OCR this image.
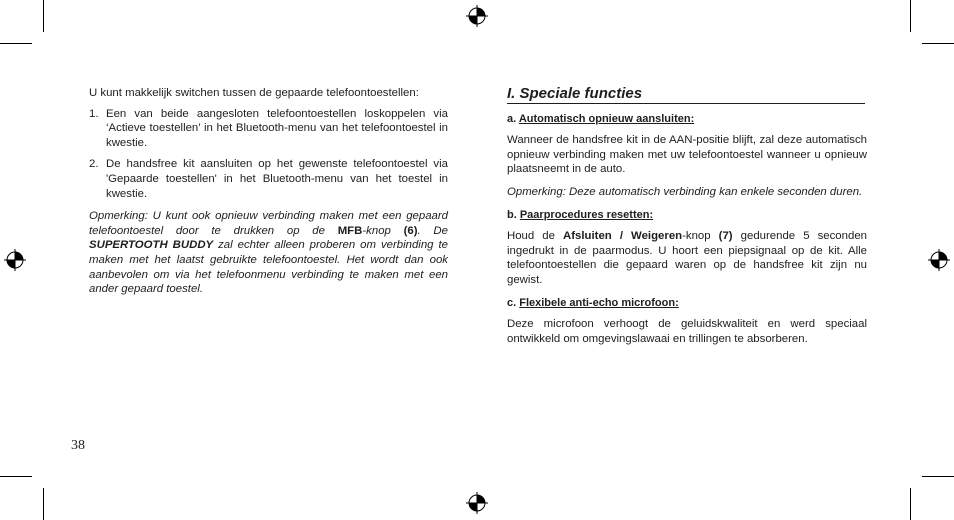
U kunt makkelijk switchen tussen de gepaarde telefoontoestellen:

1. Een van beide aangesloten telefoontoestellen loskoppelen via ‘Actieve toestellen’ in het Bluetooth-menu van het telefoontoestel in kwestie.
2. De handsfree kit aansluiten op het gewenste telefoontoestel via 'Gepaarde toestellen' in het Bluetooth-menu van het toestel in kwestie.

Opmerking: U kunt ook opnieuw verbinding maken met een gepaard telefoontoestel door te drukken op de MFB-knop (6). De SUPERTOOTH BUDDY zal echter alleen proberen om verbinding te maken met het laatst gebruikte telefoontoestel. Het wordt dan ook aanbevolen om via het telefoonmenu verbinding te maken met een ander gepaard toestel.

I. Speciale functies
a. Automatisch opnieuw aansluiten:

Wanneer de handsfree kit in de AAN-positie blijft, zal deze automatisch opnieuw verbinding maken met uw telefoontoestel wanneer u opnieuw plaatsneemt in de auto.

Opmerking: Deze automatisch verbinding kan enkele seconden duren.

b. Paarprocedures resetten:

Houd de Afsluiten / Weigeren-knop (7) gedurende 5 seconden ingedrukt in de paarmodus. U hoort een piepsignaal op de kit. Alle telefoontoestellen die gepaard waren op de handsfree kit zijn nu gewist.

c. Flexibele anti-echo microfoon:

Deze microfoon verhoogt de geluidskwaliteit en werd speciaal ontwikkeld om omgevingslawaai en trillingen te absorberen.

38
